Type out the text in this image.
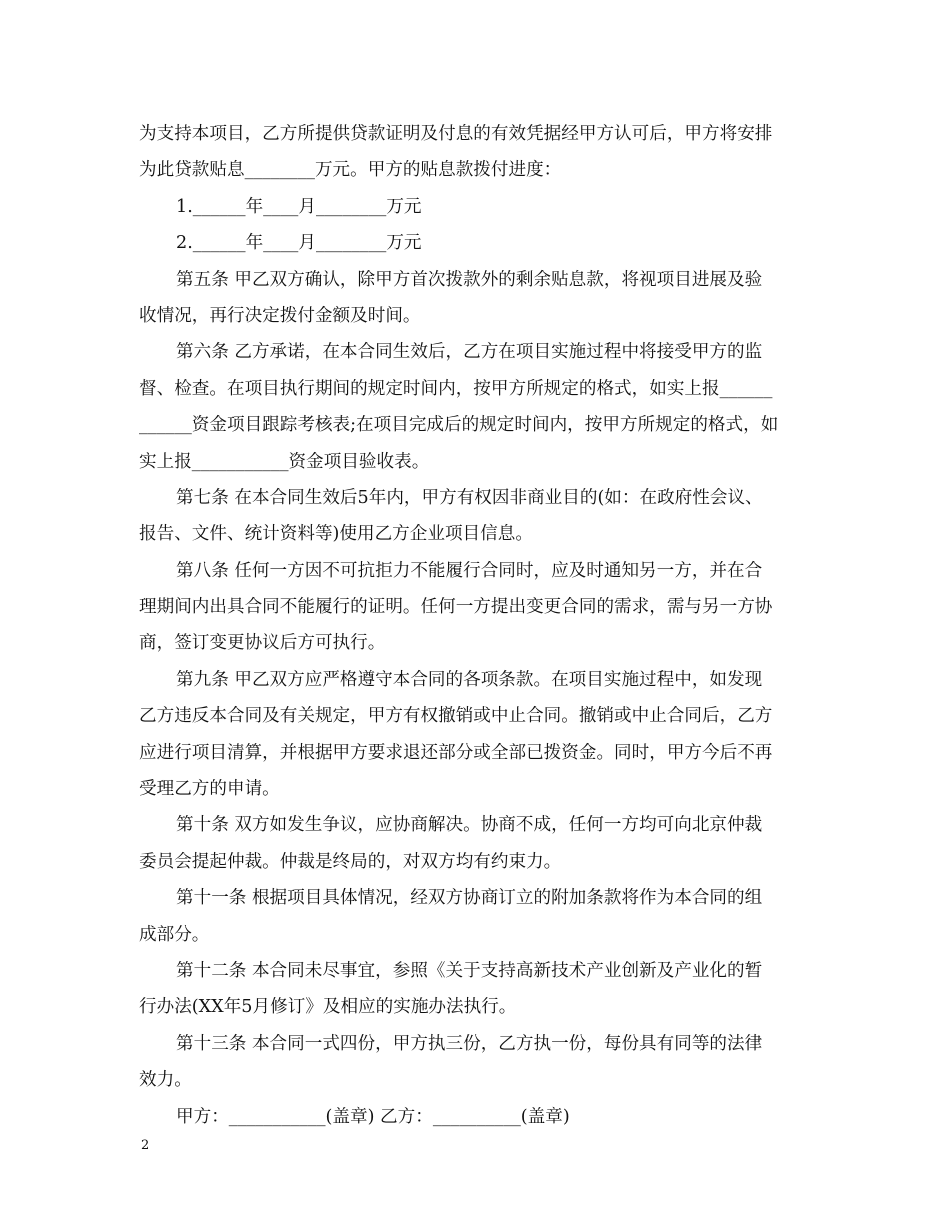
为支持本项目，乙方所提供贷款证明及付息的有效凭据经甲方认可后，甲方将安排
为此贷款贴息________万元。甲方的贴息款拨付进度：
1.______年____月________万元
2.______年____月________万元
第五条 甲乙双方确认，除甲方首次拨款外的剩余贴息款，将视项目进展及验
收情况，再行决定拨付金额及时间。
第六条 乙方承诺，在本合同生效后，乙方在项目实施过程中将接受甲方的监
督、检查。在项目执行期间的规定时间内，按甲方所规定的格式，如实上报______
______资金项目跟踪考核表;在项目完成后的规定时间内，按甲方所规定的格式，如
实上报___________资金项目验收表。
第七条 在本合同生效后5年内，甲方有权因非商业目的(如：在政府性会议、
报告、文件、统计资料等)使用乙方企业项目信息。
第八条 任何一方因不可抗拒力不能履行合同时，应及时通知另一方，并在合
理期间内出具合同不能履行的证明。任何一方提出变更合同的需求，需与另一方协
商，签订变更协议后方可执行。
第九条 甲乙双方应严格遵守本合同的各项条款。在项目实施过程中，如发现
乙方违反本合同及有关规定，甲方有权撤销或中止合同。撤销或中止合同后，乙方
应进行项目清算，并根据甲方要求退还部分或全部已拨资金。同时，甲方今后不再
受理乙方的申请。
第十条 双方如发生争议，应协商解决。协商不成，任何一方均可向北京仲裁
委员会提起仲裁。仲裁是终局的，对双方均有约束力。
第十一条 根据项目具体情况，经双方协商订立的附加条款将作为本合同的组
成部分。
第十二条 本合同未尽事宜，参照《关于支持高新技术产业创新及产业化的暂
行办法(XX年5月修订》及相应的实施办法执行。
第十三条 本合同一式四份，甲方执三份，乙方执一份，每份具有同等的法律
效力。
甲方：___________(盖章) 乙方：__________(盖章)
2
